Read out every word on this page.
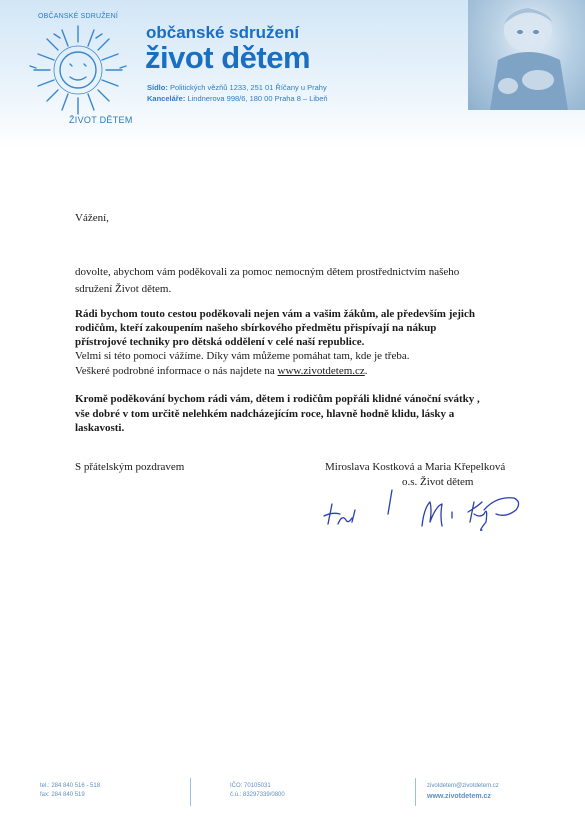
OBČANSKÉ SDRUŽENÍ
ŽIVOT DĚTEM
občanské sdružení
život dětem
Sídlo: Politických vězňů 1233, 251 01 Říčany u Prahy
Kanceláře: Lindnerova 998/6, 180 00 Praha 8 – Libeň
Vážení,
dovolte, abychom vám poděkovali za pomoc nemocným dětem prostřednictvím našeho
sdružení Život dětem.
Rádi bychom touto cestou poděkovali nejen vám a vašim žákům, ale především jejich
rodičům, kteří zakoupením našeho sbírkového předmětu přispívají na nákup
přístrojové techniky pro dětská oddělení v celé naší republice.
Velmi si této pomoci vážíme. Díky vám můžeme pomáhat tam, kde je třeba.
Veškeré podrobné informace o nás najdete na www.zivotdetem.cz.
Kromě poděkování bychom rádi vám, dětem i rodičům popřáli klidné vánoční svátky ,
vše dobré v tom určitě nelehkém nadcházejícím roce, hlavně hodně klidu, lásky a
laskavosti.
S přátelským pozdravem	Miroslava Kostková a Maria Křepelková
o.s. Život dětem
tel.: 284 840 516 - 518
fax: 284 840 519
IČO: 70105031
č.ú.: 83297339/0800
zivotdetem@zivotdetem.cz
www.zivotdetem.cz
